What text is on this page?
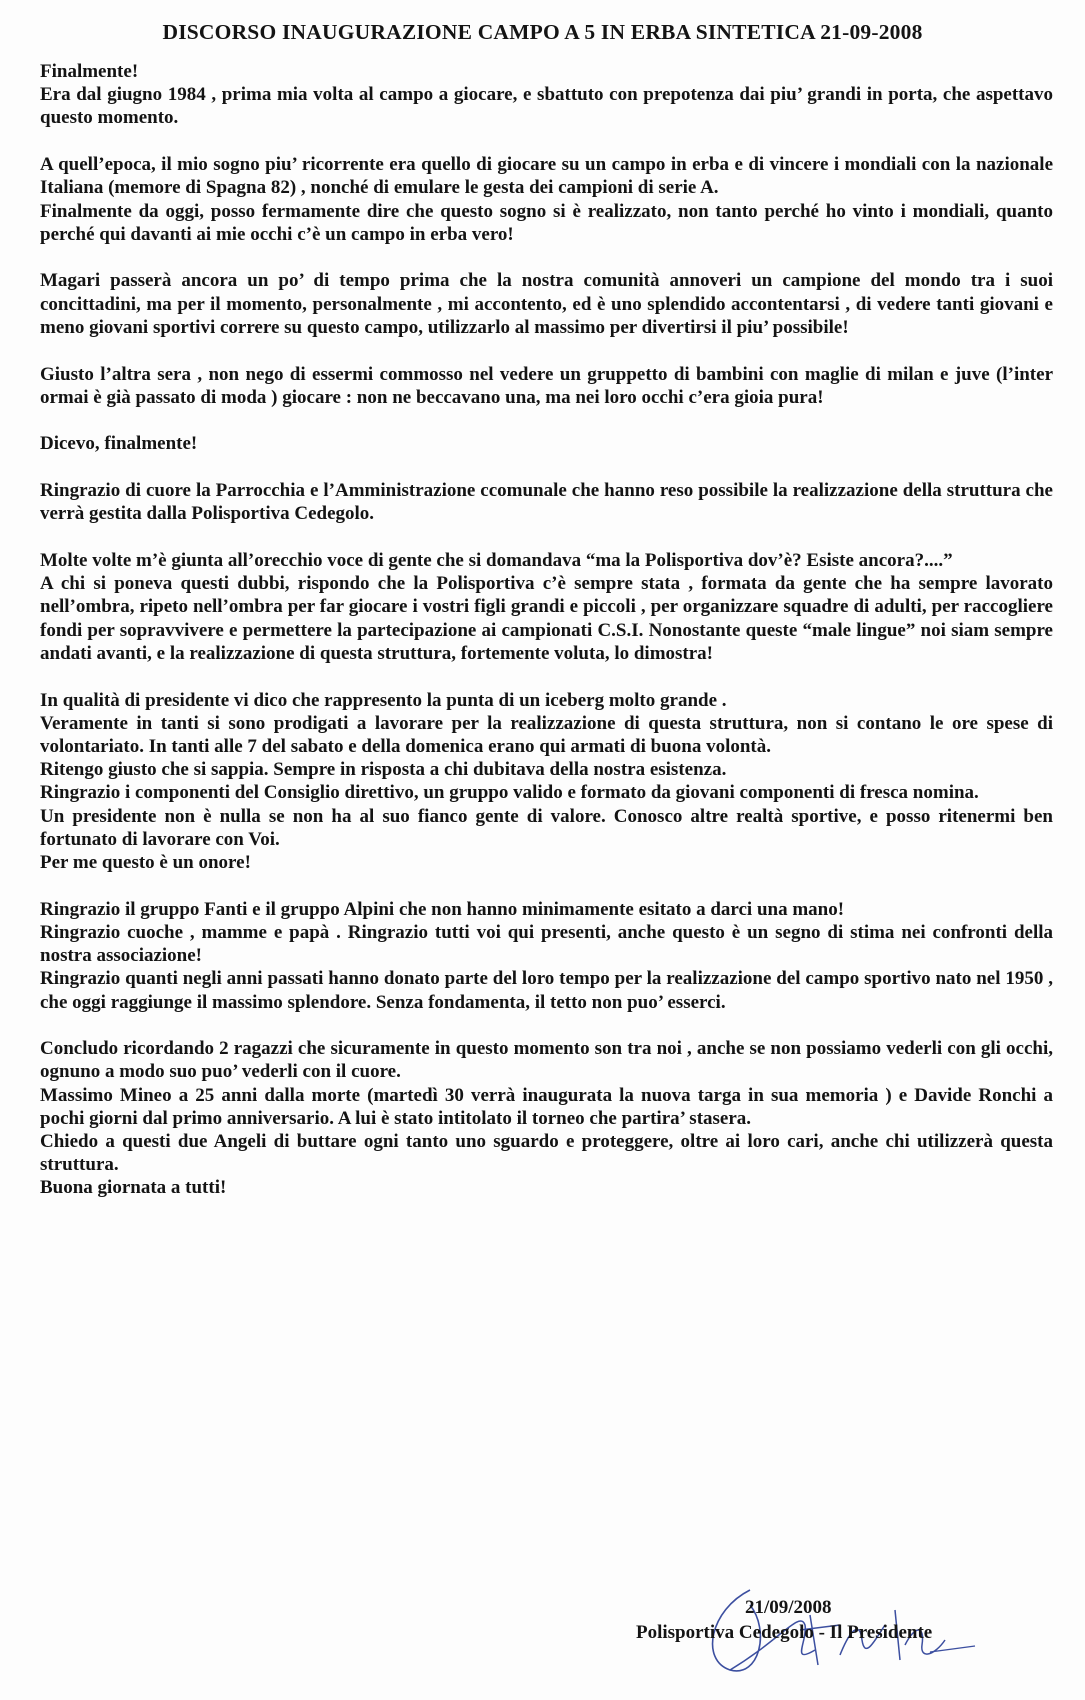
DISCORSO INAUGURAZIONE CAMPO A 5 IN ERBA SINTETICA 21-09-2008

Finalmente!
Era dal giugno 1984 , prima mia volta al campo a giocare, e sbattuto con prepotenza dai piu’ grandi in porta, che aspettavo questo momento.

A quell’epoca, il mio sogno piu’ ricorrente era quello di giocare su un campo in erba e di vincere i mondiali con la nazionale Italiana (memore di Spagna 82) , nonché di emulare le gesta dei campioni di serie A.
Finalmente da oggi, posso fermamente dire che questo sogno si è realizzato, non tanto perché ho vinto i mondiali, quanto perché qui davanti ai mie occhi c’è un campo in erba vero!

Magari passerà ancora un po’ di tempo prima che la nostra comunità annoveri un campione del mondo tra i suoi concittadini, ma per il momento, personalmente , mi accontento, ed è uno splendido accontentarsi , di vedere tanti giovani e meno giovani sportivi correre su questo campo, utilizzarlo al massimo per divertirsi il piu’ possibile!

Giusto l’altra sera , non nego di essermi commosso nel vedere un gruppetto di bambini con maglie di milan e juve (l’inter ormai è già passato di moda ) giocare : non ne beccavano una, ma nei loro occhi c’era gioia pura!

Dicevo, finalmente!

Ringrazio di cuore la Parrocchia e l’Amministrazione ccomunale che hanno reso possibile la realizzazione della struttura che verrà gestita dalla Polisportiva Cedegolo.

Molte volte m’è giunta all’orecchio voce di gente che si domandava “ma la Polisportiva dov’è? Esiste ancora?....”
A chi si poneva questi dubbi, rispondo che la Polisportiva c’è sempre stata , formata da gente che ha sempre lavorato nell’ombra, ripeto nell’ombra per far giocare i vostri figli grandi e piccoli , per organizzare squadre di adulti, per raccogliere fondi per sopravvivere e permettere la partecipazione ai campionati C.S.I. Nonostante queste “male lingue” noi siam sempre andati avanti, e la realizzazione di questa struttura, fortemente voluta, lo dimostra!

In qualità di presidente vi dico che rappresento la punta di un iceberg molto grande .
Veramente in tanti si sono prodigati a lavorare per la realizzazione di questa struttura, non si contano le ore spese di volontariato. In tanti alle 7 del sabato e della domenica erano qui armati di buona volontà.
Ritengo giusto che si sappia. Sempre in risposta a chi dubitava della nostra esistenza.
Ringrazio i componenti del Consiglio direttivo, un gruppo valido e formato da giovani componenti di fresca nomina.
Un presidente non è nulla se non ha al suo fianco gente di valore. Conosco altre realtà sportive, e posso ritenermi ben fortunato di lavorare con Voi.
Per me questo è un onore!

Ringrazio il gruppo Fanti e il gruppo Alpini che non hanno minimamente esitato a darci una mano!
Ringrazio cuoche , mamme e papà . Ringrazio tutti voi qui presenti, anche questo è un segno di stima nei confronti della nostra associazione!
Ringrazio quanti negli anni passati hanno donato parte del loro tempo per la realizzazione del campo sportivo nato nel 1950 , che oggi raggiunge il massimo splendore. Senza fondamenta, il tetto non puo’ esserci.

Concludo ricordando 2 ragazzi che sicuramente in questo momento son tra noi , anche se non possiamo vederli con gli occhi, ognuno a modo suo puo’ vederli con il cuore.
Massimo Mineo a 25 anni dalla morte (martedì 30 verrà inaugurata la nuova targa in sua memoria ) e Davide Ronchi a pochi giorni dal primo anniversario. A lui è stato intitolato il torneo che partira’ stasera.
Chiedo a questi due Angeli di buttare ogni tanto uno sguardo e proteggere, oltre ai loro cari, anche chi utilizzerà questa struttura.
Buona giornata a tutti!

21/09/2008
Polisportiva Cedegolo - Il Presidente
